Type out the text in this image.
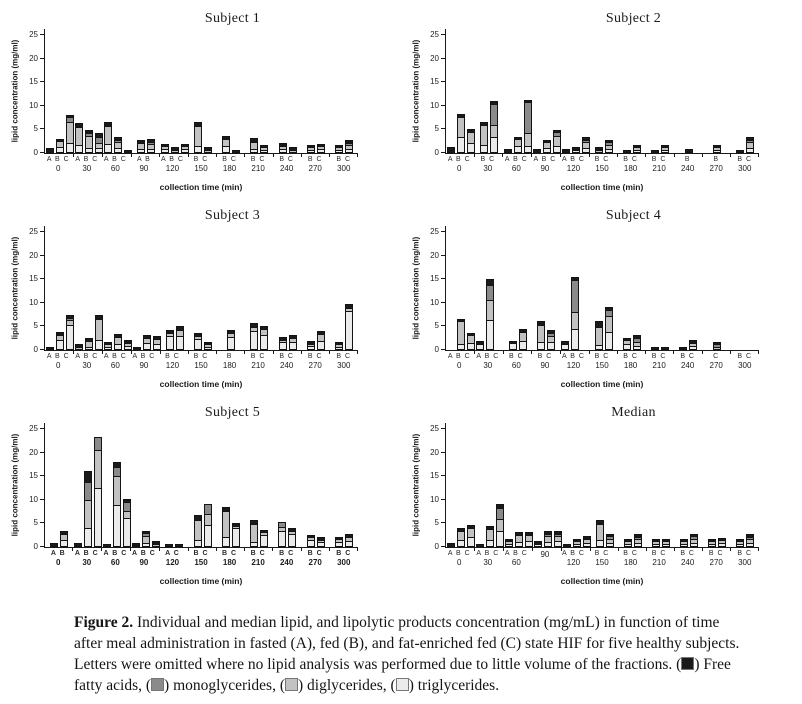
Subject 1
lipid concentration (mg/ml)
0
5
10
15
20
25
A B C
0
A B C
30
A B C
60
A B
90
A B C
120
B C
150
B C
180
B C
210
B C
240
B C
270
B C
300
collection time (min)
Subject 2
lipid concentration (mg/ml)
0
5
10
15
20
25
A B C
0
B C
30
A B C
60
A B C
90
A B C
120
B C
150
B C
180
B C
210
B
240
B
270
B C
300
collection time (min)
Subject 3
lipid concentration (mg/ml)
0
5
10
15
20
25
A B C
0
A B C
30
A B C
60
A B C
90
B C
120
B C
150
B
180
B C
210
B C
240
B C
270
B C
300
collection time (min)
Subject 4
lipid concentration (mg/ml)
0
5
10
15
20
25
A B C
0
A B C
30
B C
60
B C
90
A B C
120
B C
150
B C
180
B C
210
B C
240
C
270
B C
300
collection time (min)
Subject 5
lipid concentration (mg/ml)
0
5
10
15
20
25
A B
0
A B C
30
A B C
60
A B C
90
A C
120
B C
150
B C
180
B C
210
B C
240
B C
270
B C
300
collection time (min)
Median
lipid concentration (mg/ml)
0
5
10
15
20
25
A B C
0
A B C
30
A B C
60
90	A B C
120
B C
150
B C
180
B C
210
B C
240
B C
270
B C
300
collection time (min)

Figure 2. Individual and median lipid, and lipolytic products concentration (mg/mL) in function of time after meal administration in fasted (A), fed (B), and fat-enriched fed (C) state HIF for five healthy subjects. Letters were omitted where no lipid analysis was performed due to little volume of the fractions. ( ) Free fatty acids, ( ) monoglycerides, ( ) diglycerides, ( ) triglycerides.
